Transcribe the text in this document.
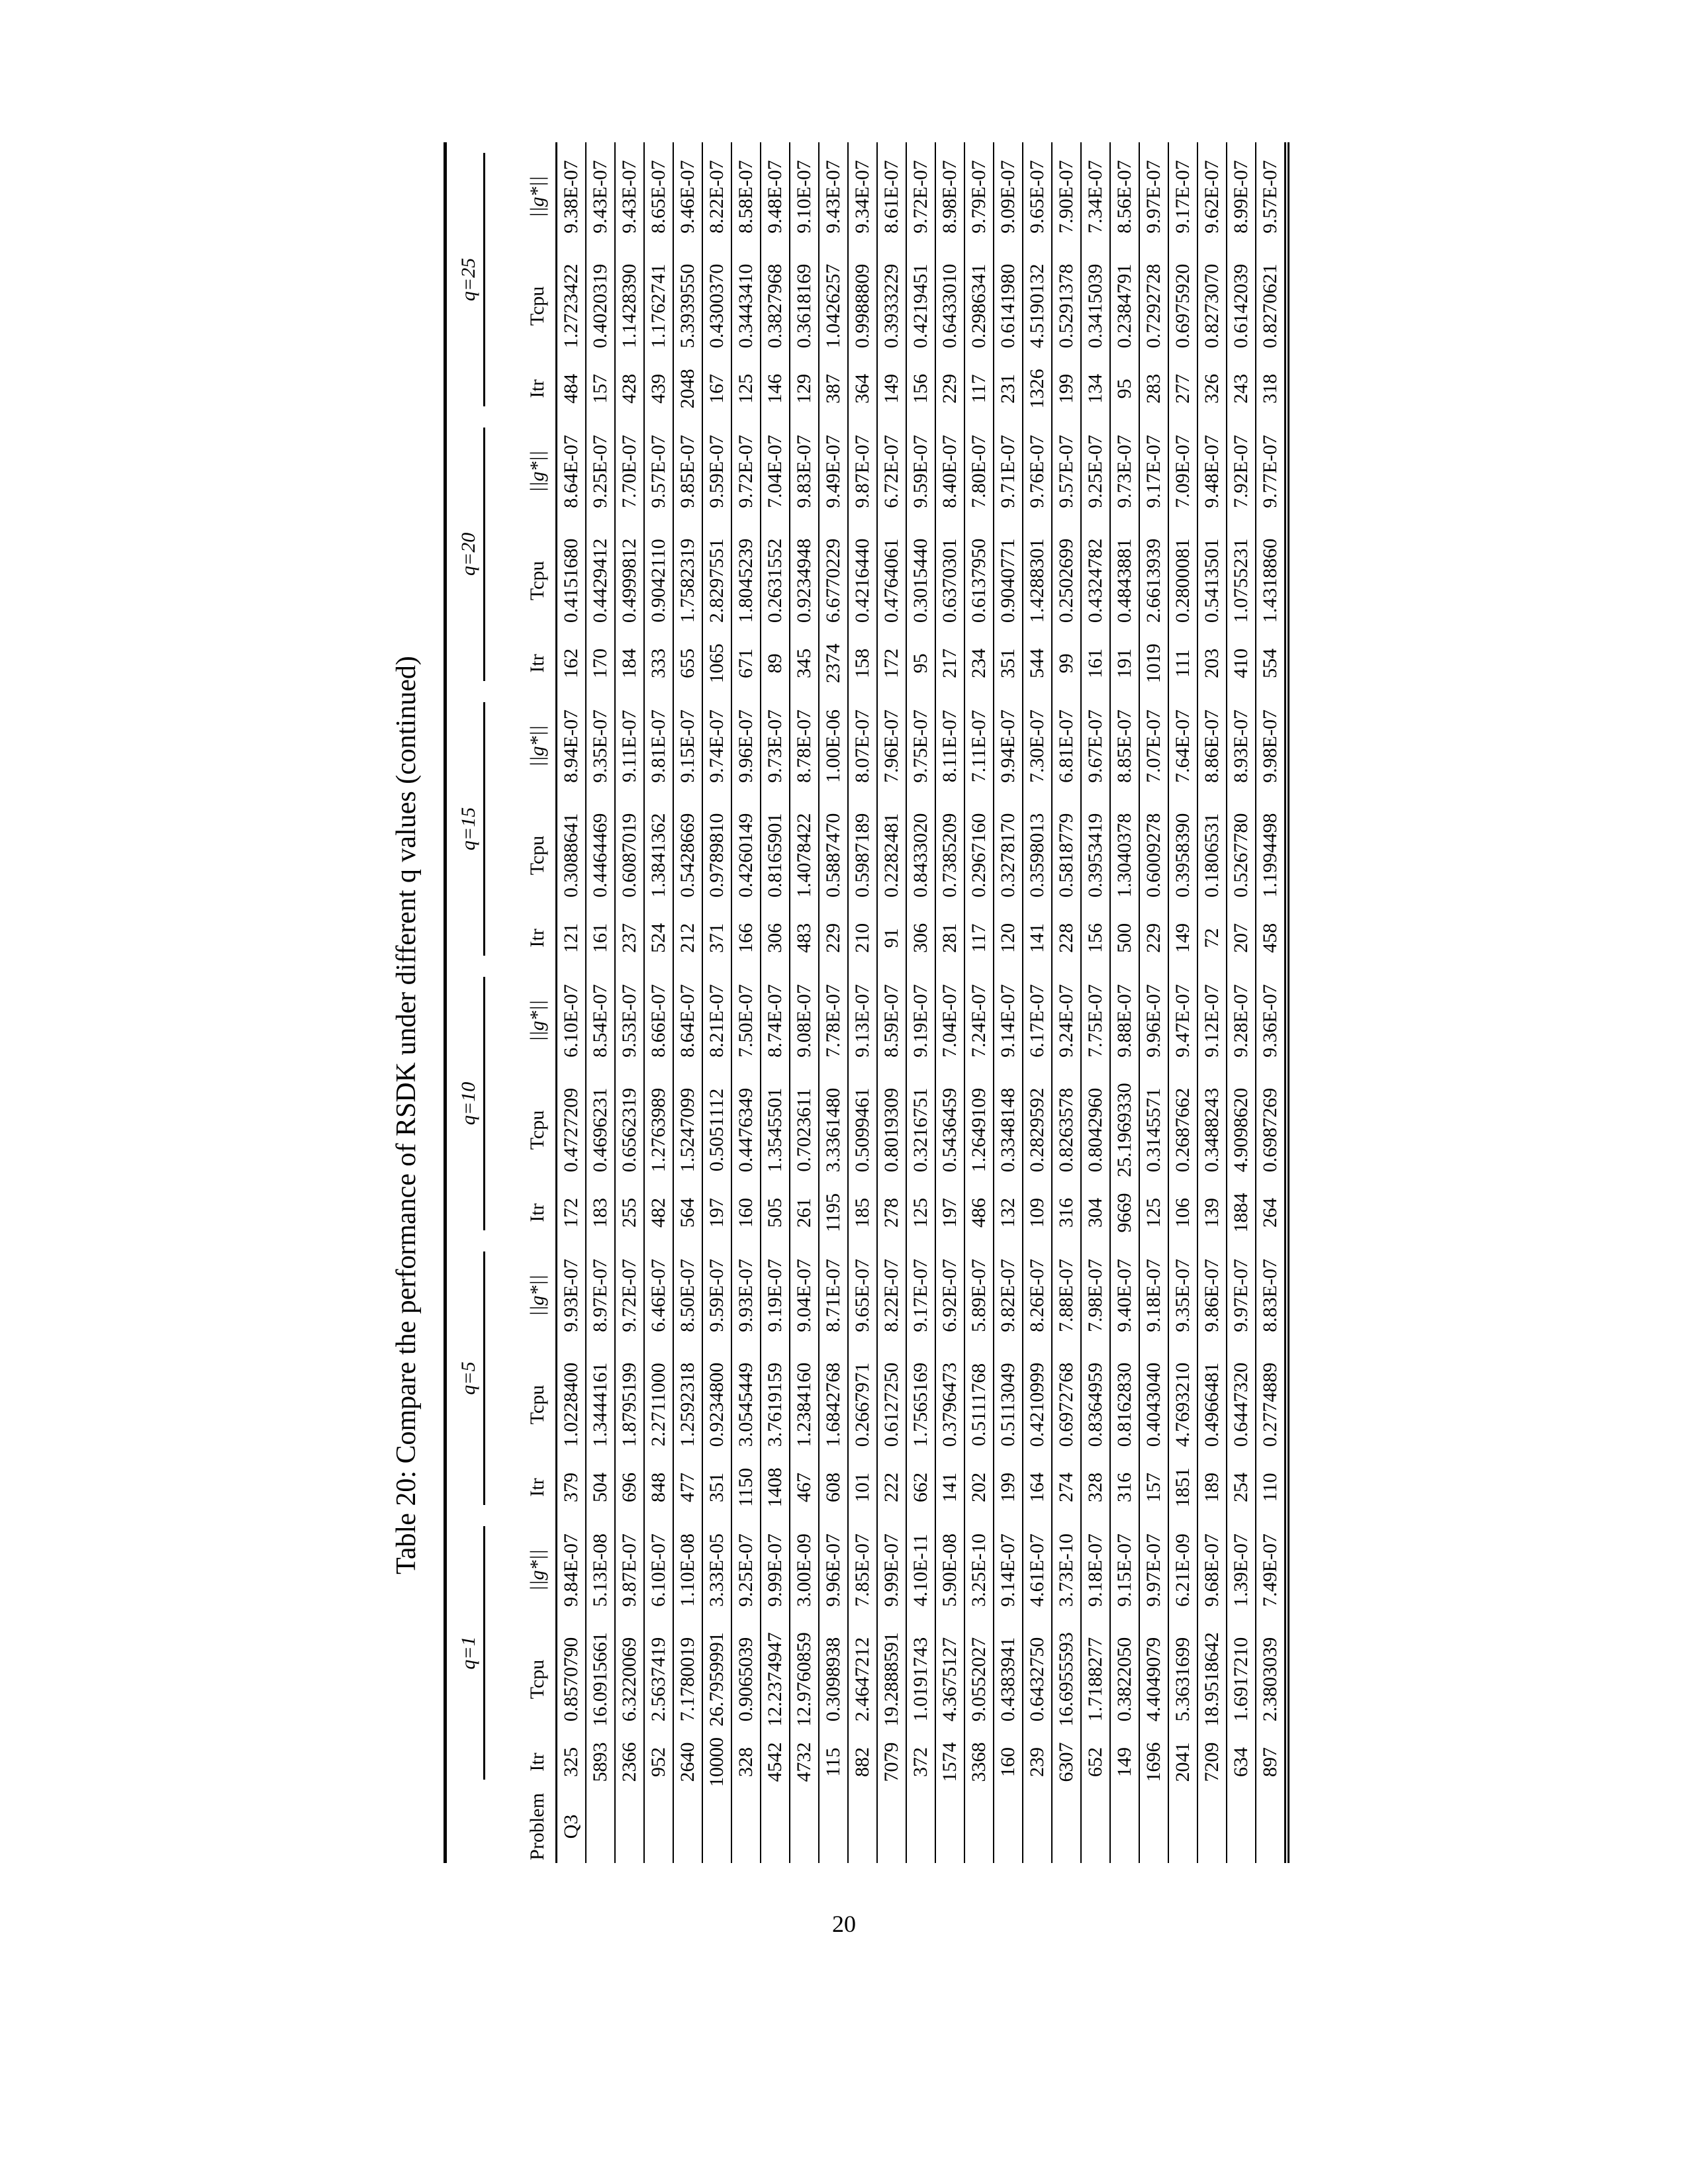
Table 20: Compare the performance of RSDK under different q values (continued)

	q=1			q=5			q=10			q=15			q=20			q=25		

Problem	Itr	Tcpu	||g*||	Itr	Tcpu	||g*||	Itr	Tcpu	||g*||	Itr	Tcpu	||g*||	Itr	Tcpu	||g*||	Itr	Tcpu	||g*||
Q3	325	0.8570790	9.84E-07	379	1.0228400	9.93E-07	172	0.4727209	6.10E-07	121	0.3088641	8.94E-07	162	0.4151680	8.64E-07	484	1.2723422	9.38E-07
	5893	16.0915661	5.13E-08	504	1.3444161	8.97E-07	183	0.4696231	8.54E-07	161	0.4464469	9.35E-07	170	0.4429412	9.25E-07	157	0.4020319	9.43E-07
	2366	6.3220069	9.87E-07	696	1.8795199	9.72E-07	255	0.6562319	9.53E-07	237	0.6087019	9.11E-07	184	0.4999812	7.70E-07	428	1.1428390	9.43E-07
	952	2.5637419	6.10E-07	848	2.2711000	6.46E-07	482	1.2763989	8.66E-07	524	1.3841362	9.81E-07	333	0.9042110	9.57E-07	439	1.1762741	8.65E-07
	2640	7.1780019	1.10E-08	477	1.2592318	8.50E-07	564	1.5247099	8.64E-07	212	0.5428669	9.15E-07	655	1.7582319	9.85E-07	2048	5.3939550	9.46E-07
	10000	26.7959991	3.33E-05	351	0.9234800	9.59E-07	197	0.5051112	8.21E-07	371	0.9789810	9.74E-07	1065	2.8297551	9.59E-07	167	0.4300370	8.22E-07
	328	0.9065039	9.25E-07	1150	3.0545449	9.93E-07	160	0.4476349	7.50E-07	166	0.4260149	9.96E-07	671	1.8045239	9.72E-07	125	0.3443410	8.58E-07
	4542	12.2374947	9.99E-07	1408	3.7619159	9.19E-07	505	1.3545501	8.74E-07	306	0.8165901	9.73E-07	89	0.2631552	7.04E-07	146	0.3827968	9.48E-07
	4732	12.9760859	3.00E-09	467	1.2384160	9.04E-07	261	0.7023611	9.08E-07	483	1.4078422	8.78E-07	345	0.9234948	9.83E-07	129	0.3618169	9.10E-07
	115	0.3098938	9.96E-07	608	1.6842768	8.71E-07	1195	3.3361480	7.78E-07	229	0.5887470	1.00E-06	2374	6.6770229	9.49E-07	387	1.0426257	9.43E-07
	882	2.4647212	7.85E-07	101	0.2667971	9.65E-07	185	0.5099461	9.13E-07	210	0.5987189	8.07E-07	158	0.4216440	9.87E-07	364	0.9988809	9.34E-07
	7079	19.2888591	9.99E-07	222	0.6127250	8.22E-07	278	0.8019309	8.59E-07	91	0.2282481	7.96E-07	172	0.4764061	6.72E-07	149	0.3933229	8.61E-07
	372	1.0191743	4.10E-11	662	1.7565169	9.17E-07	125	0.3216751	9.19E-07	306	0.8433020	9.75E-07	95	0.3015440	9.59E-07	156	0.4219451	9.72E-07
	1574	4.3675127	5.90E-08	141	0.3796473	6.92E-07	197	0.5436459	7.04E-07	281	0.7385209	8.11E-07	217	0.6370301	8.40E-07	229	0.6433010	8.98E-07
	3368	9.0552027	3.25E-10	202	0.5111768	5.89E-07	486	1.2649109	7.24E-07	117	0.2967160	7.11E-07	234	0.6137950	7.80E-07	117	0.2986341	9.79E-07
	160	0.4383941	9.14E-07	199	0.5113049	9.82E-07	132	0.3348148	9.14E-07	120	0.3278170	9.94E-07	351	0.9040771	9.71E-07	231	0.6141980	9.09E-07
	239	0.6432750	4.61E-07	164	0.4210999	8.26E-07	109	0.2829592	6.17E-07	141	0.3598013	7.30E-07	544	1.4288301	9.76E-07	1326	4.5190132	9.65E-07
	6307	16.6955593	3.73E-10	274	0.6972768	7.88E-07	316	0.8263578	9.24E-07	228	0.5818779	6.81E-07	99	0.2502699	9.57E-07	199	0.5291378	7.90E-07
	652	1.7188277	9.18E-07	328	0.8364959	7.98E-07	304	0.8042960	7.75E-07	156	0.3953419	9.67E-07	161	0.4324782	9.25E-07	134	0.3415039	7.34E-07
	149	0.3822050	9.15E-07	316	0.8162830	9.40E-07	9669	25.1969330	9.88E-07	500	1.3040378	8.85E-07	191	0.4843881	9.73E-07	95	0.2384791	8.56E-07
	1696	4.4049079	9.97E-07	157	0.4043040	9.18E-07	125	0.3145571	9.96E-07	229	0.6009278	7.07E-07	1019	2.6613939	9.17E-07	283	0.7292728	9.97E-07
	2041	5.3631699	6.21E-09	1851	4.7693210	9.35E-07	106	0.2687662	9.47E-07	149	0.3958390	7.64E-07	111	0.2800081	7.09E-07	277	0.6975920	9.17E-07
	7209	18.9518642	9.68E-07	189	0.4966481	9.86E-07	139	0.3488243	9.12E-07	72	0.1806531	8.86E-07	203	0.5413501	9.48E-07	326	0.8273070	9.62E-07
	634	1.6917210	1.39E-07	254	0.6447320	9.97E-07	1884	4.9098620	9.28E-07	207	0.5267780	8.93E-07	410	1.0755231	7.92E-07	243	0.6142039	8.99E-07
	897	2.3803039	7.49E-07	110	0.2774889	8.83E-07	264	0.6987269	9.36E-07	458	1.1994498	9.98E-07	554	1.4318860	9.77E-07	318	0.8270621	9.57E-07
20
